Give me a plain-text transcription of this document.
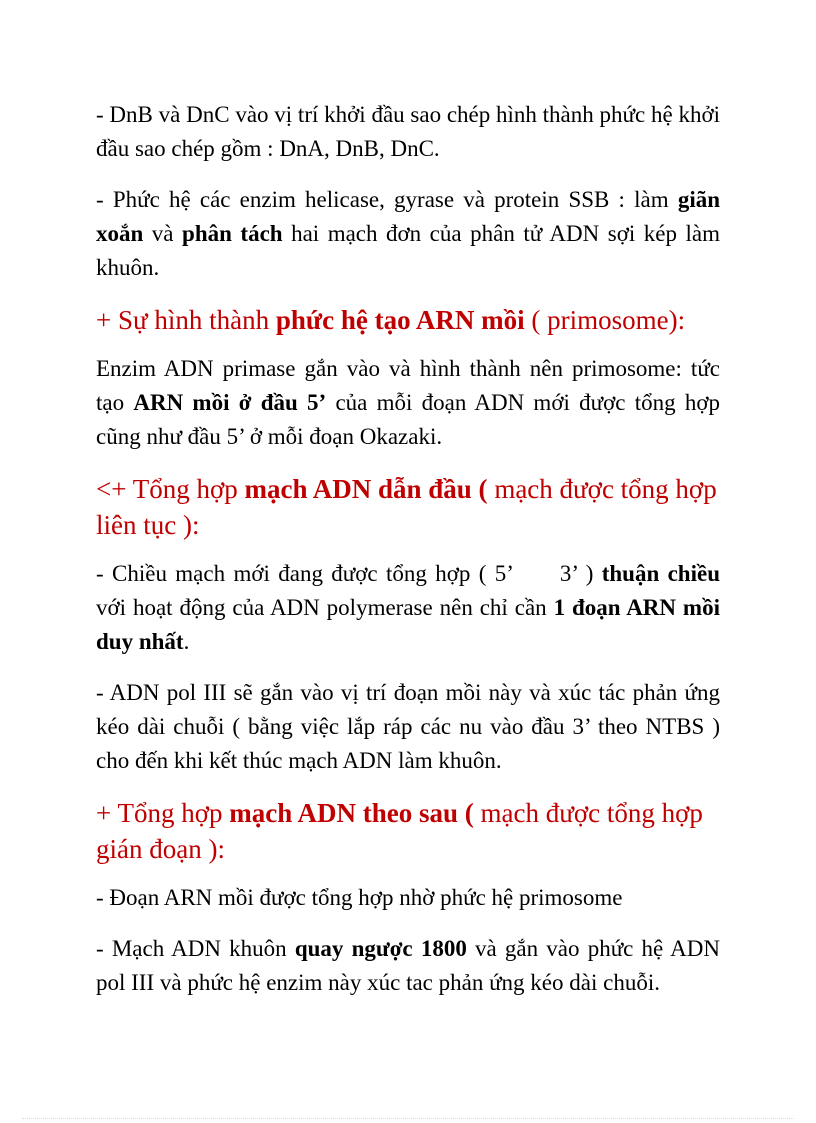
- DnB và DnC vào vị trí khởi đầu sao chép hình thành phức hệ khởi đầu sao chép gồm : DnA, DnB, DnC.

- Phức hệ các enzim helicase, gyrase và protein SSB : làm giãn xoắn và phân tách hai mạch đơn của phân tử ADN sợi kép làm khuôn.

+ Sự hình thành phức hệ tạo ARN mồi ( primosome):

Enzim ADN primase gắn vào và hình thành nên primosome: tức tạo ARN mồi ở đầu 5’ của mỗi đoạn ADN mới được tổng hợp cũng như đầu 5’ ở mỗi đoạn Okazaki.

<+ Tổng hợp mạch ADN dẫn đầu ( mạch được tổng hợp liên tục ):

- Chiều mạch mới đang được tổng hợp ( 5’ 3’ ) thuận chiều với hoạt động của ADN polymerase nên chỉ cần 1 đoạn ARN mồi duy nhất.

- ADN pol III sẽ gắn vào vị trí đoạn mồi này và xúc tác phản ứng kéo dài chuỗi ( bằng việc lắp ráp các nu vào đầu 3’ theo NTBS ) cho đến khi kết thúc mạch ADN làm khuôn.

+ Tổng hợp mạch ADN theo sau ( mạch được tổng hợp gián đoạn ):

- Đoạn ARN mồi được tổng hợp nhờ phức hệ primosome

- Mạch ADN khuôn quay ngược 1800 và gắn vào phức hệ ADN pol III và phức hệ enzim này xúc tac phản ứng kéo dài chuỗi.
